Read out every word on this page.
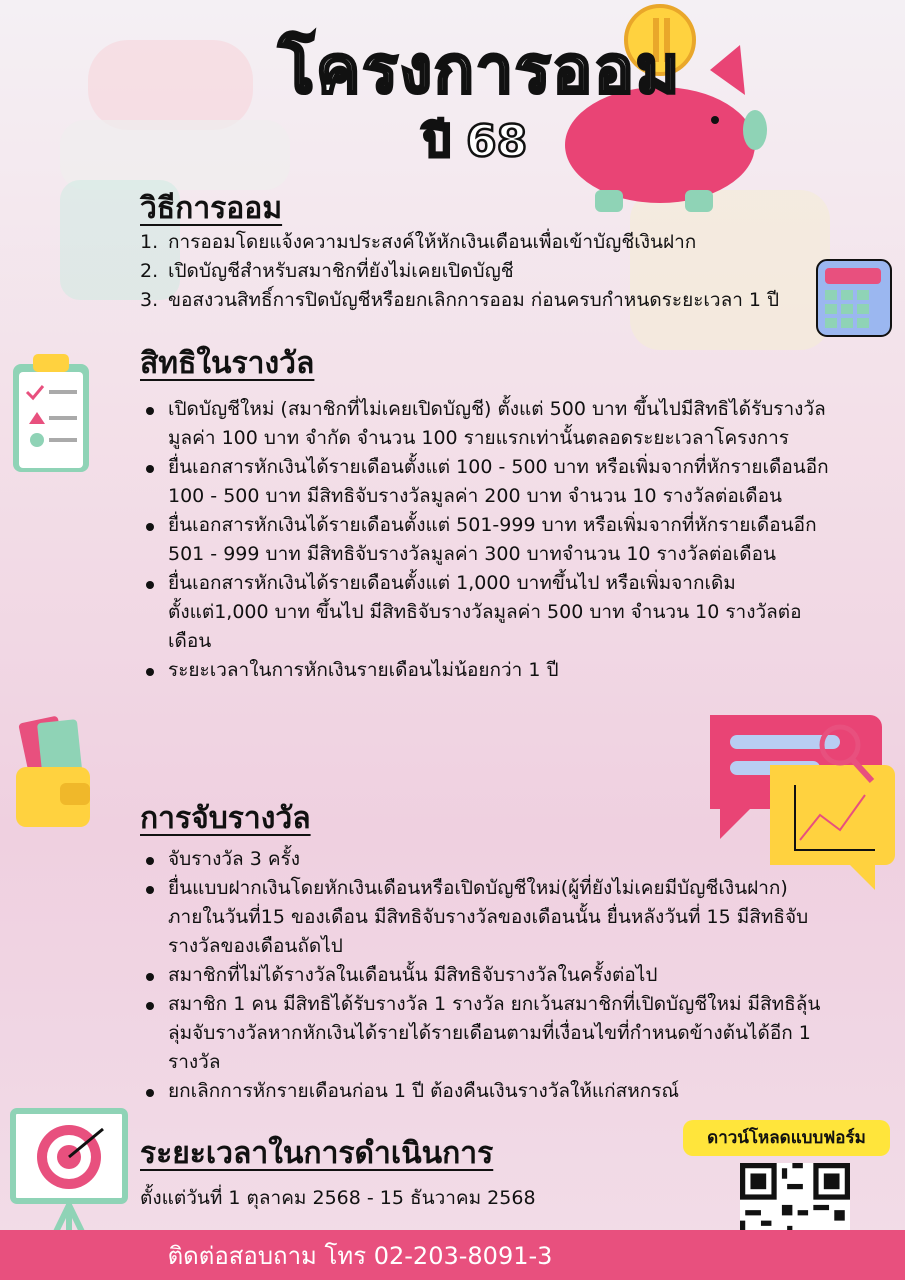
โครงการออม
ปี 68
วิธีการออม
1. การออมโดยแจ้งความประสงค์ให้หักเงินเดือนเพื่อเข้าบัญชีเงินฝาก
2. เปิดบัญชีสำหรับสมาชิกที่ยังไม่เคยเปิดบัญชี
3. ขอสงวนสิทธิ์การปิดบัญชีหรือยกเลิกการออม ก่อนครบกำหนดระยะเวลา 1 ปี
สิทธิในรางวัล
เปิดบัญชีใหม่ (สมาชิกที่ไม่เคยเปิดบัญชี) ตั้งแต่ 500 บาท ขึ้นไปมีสิทธิได้รับรางวัลมูลค่า 100 บาท จำกัด จำนวน 100 รายแรกเท่านั้นตลอดระยะเวลาโครงการ
ยื่นเอกสารหักเงินได้รายเดือนตั้งแต่ 100 - 500 บาท หรือเพิ่มจากที่หักรายเดือนอีก 100 - 500 บาท มีสิทธิจับรางวัลมูลค่า 200 บาท จำนวน 10 รางวัลต่อเดือน
ยื่นเอกสารหักเงินได้รายเดือนตั้งแต่ 501-999 บาท หรือเพิ่มจากที่หักรายเดือนอีก 501 - 999 บาท มีสิทธิจับรางวัลมูลค่า 300 บาทจำนวน 10 รางวัลต่อเดือน
ยื่นเอกสารหักเงินได้รายเดือนตั้งแต่ 1,000 บาทขึ้นไป หรือเพิ่มจากเดิมตั้งแต่1,000 บาท ขึ้นไป มีสิทธิจับรางวัลมูลค่า 500 บาท จำนวน 10 รางวัลต่อเดือน
ระยะเวลาในการหักเงินรายเดือนไม่น้อยกว่า 1 ปี
การจับรางวัล
จับรางวัล 3 ครั้ง
ยื่นแบบฝากเงินโดยหักเงินเดือนหรือเปิดบัญชีใหม่(ผู้ที่ยังไม่เคยมีบัญชีเงินฝาก) ภายในวันที่15 ของเดือน มีสิทธิจับรางวัลของเดือนนั้น ยื่นหลังวันที่ 15 มีสิทธิจับรางวัลของเดือนถัดไป
สมาชิกที่ไม่ได้รางวัลในเดือนนั้น มีสิทธิจับรางวัลในครั้งต่อไป
สมาชิก 1 คน มีสิทธิได้รับรางวัล 1 รางวัล ยกเว้นสมาชิกที่เปิดบัญชีใหม่ มีสิทธิลุ้นลุ่มจับรางวัลหากหักเงินได้รายได้รายเดือนตามที่เงื่อนไขที่กำหนดข้างต้นได้อีก 1 รางวัล
ยกเลิกการหักรายเดือนก่อน 1 ปี ต้องคืนเงินรางวัลให้แก่สหกรณ์
ระยะเวลาในการดำเนินการ
ตั้งแต่วันที่ 1 ตุลาคม 2568 - 15 ธันวาคม 2568
ดาวน์โหลดแบบฟอร์ม
ติดต่อสอบถาม โทร 02-203-8091-3
